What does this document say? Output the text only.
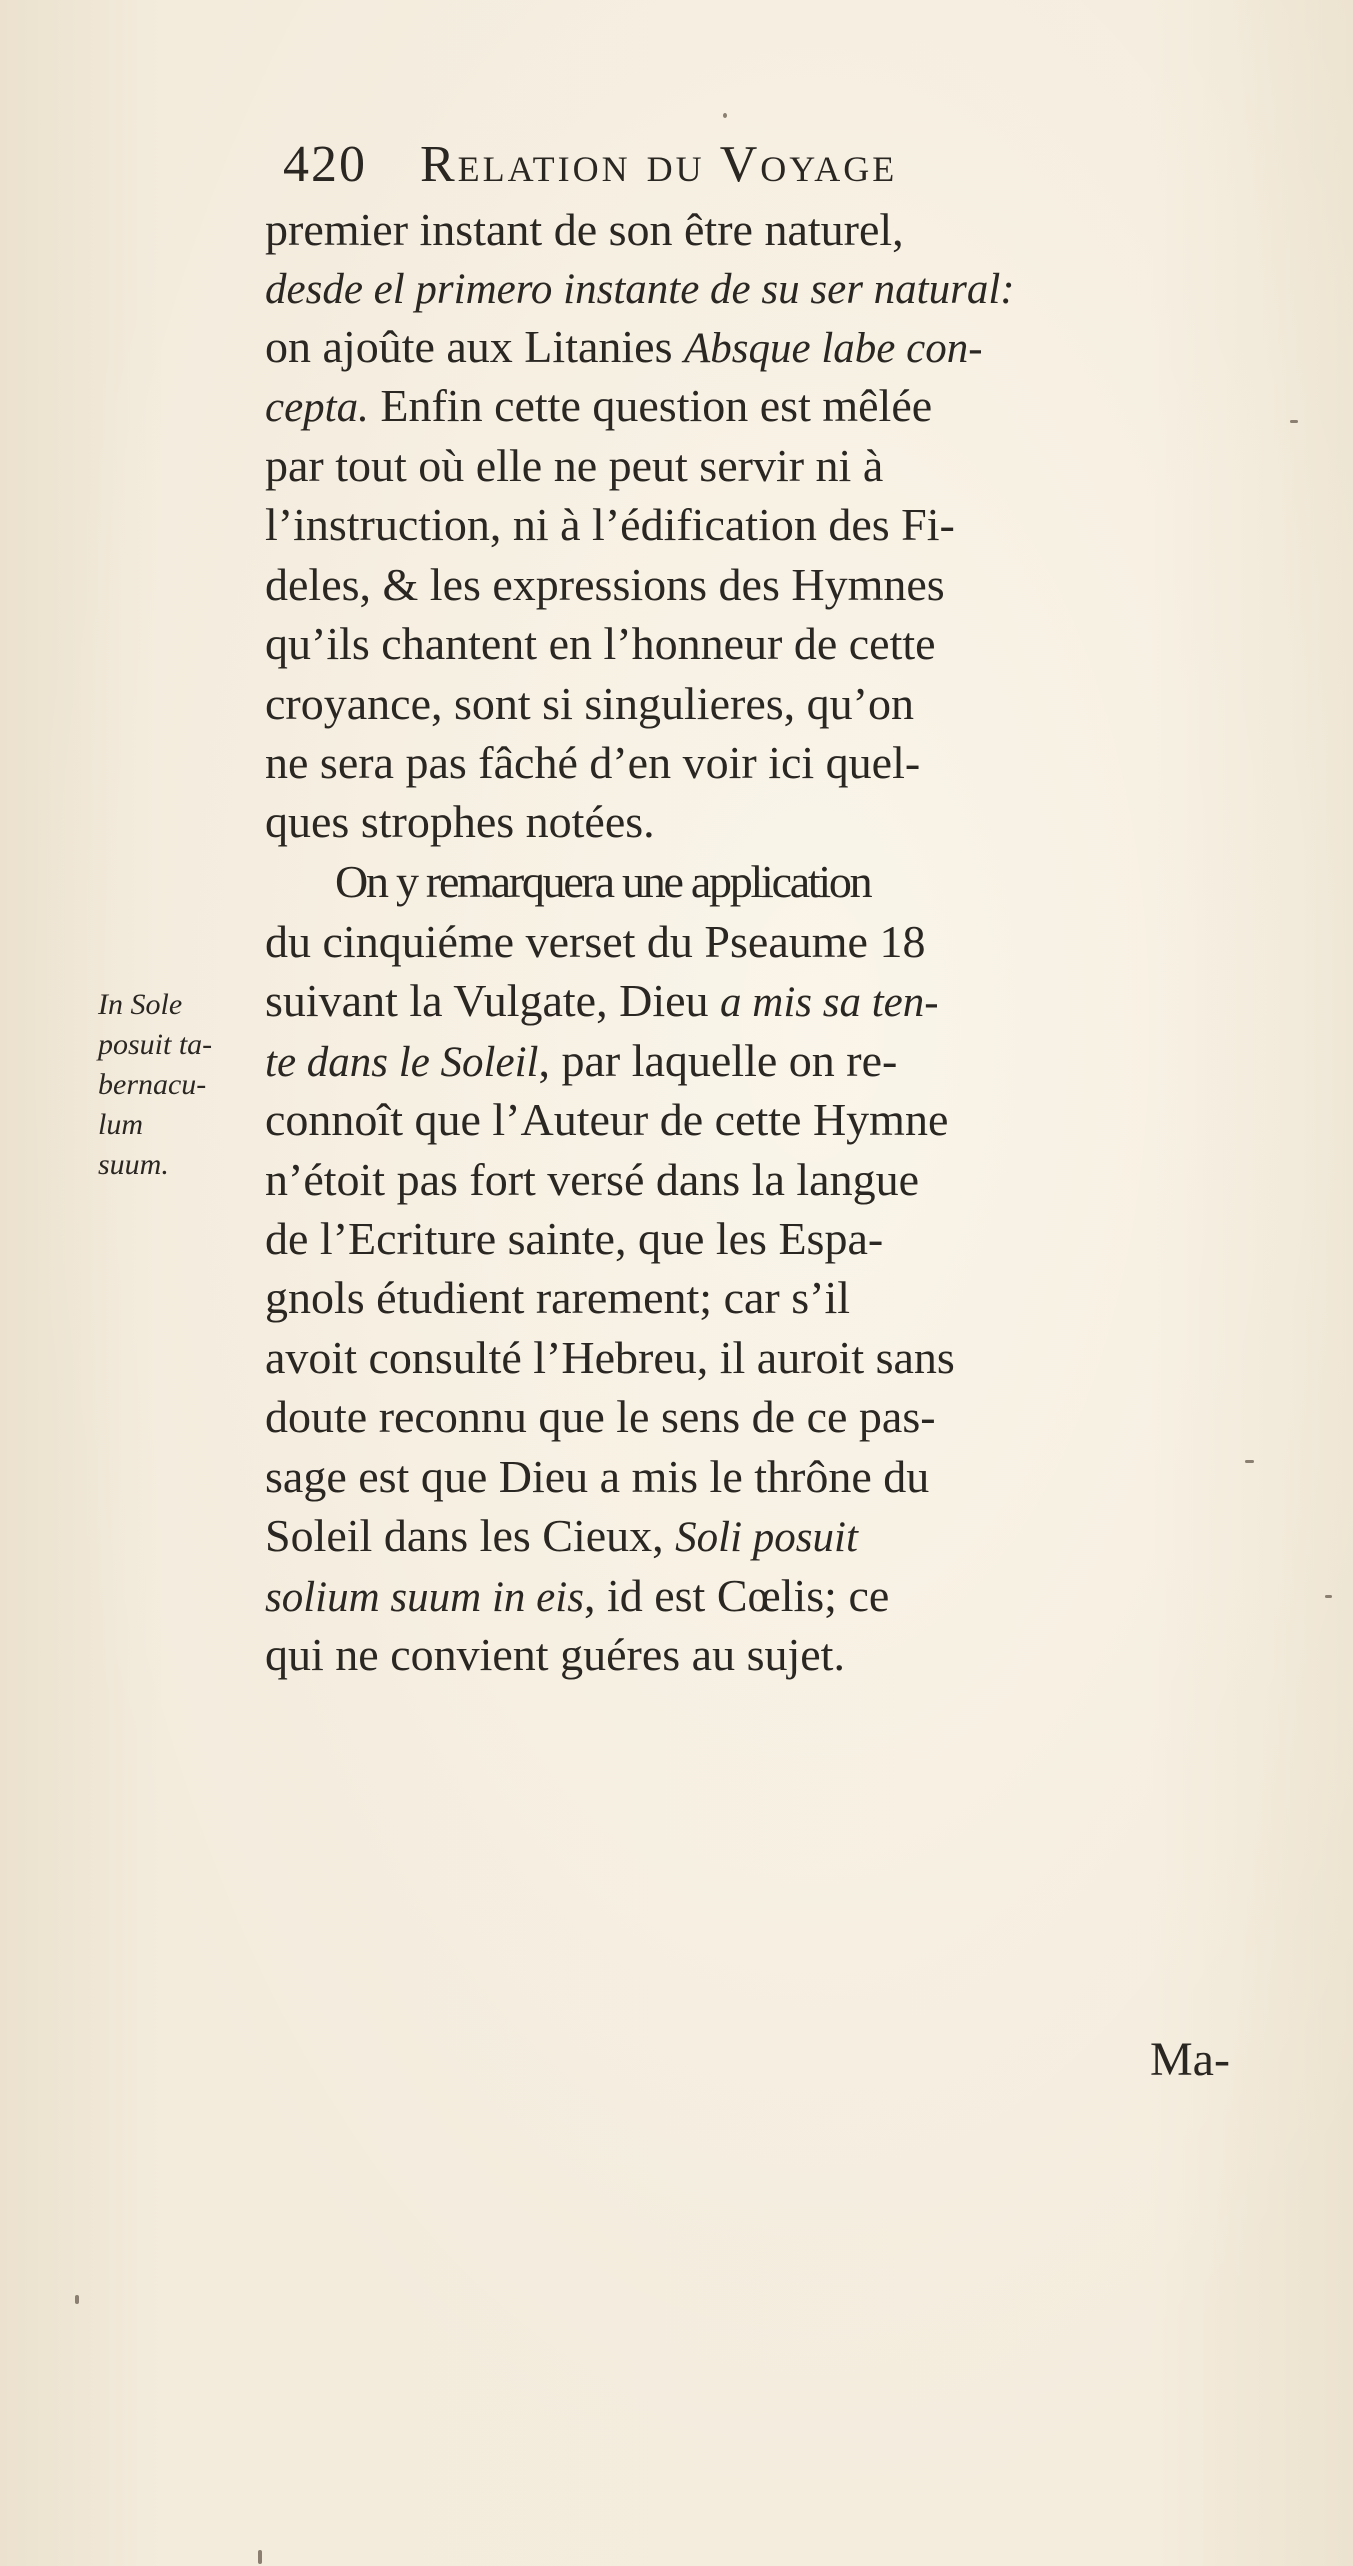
420 Relation du Voyage
premier instant de son être naturel,
desde el primero instante de su ser natural:
on ajoûte aux Litanies Absque labe con-
cepta. Enfin cette question est mêlée
par tout où elle ne peut servir ni à
l’instruction, ni à l’édification des Fi-
deles, & les expressions des Hymnes
qu’ils chantent en l’honneur de cette
croyance, sont si singulieres, qu’on
ne sera pas fâché d’en voir ici quel-
ques strophes notées.
On y remarquera une application
du cinquiéme verset du Pseaume 18
suivant la Vulgate, Dieu a mis sa ten-
te dans le Soleil, par laquelle on re-
connoît que l’Auteur de cette Hymne
n’étoit pas fort versé dans la langue
de l’Ecriture sainte, que les Espa-
gnols étudient rarement; car s’il
avoit consulté l’Hebreu, il auroit sans
doute reconnu que le sens de ce pas-
sage est que Dieu a mis le thrône du
Soleil dans les Cieux, Soli posuit
solium suum in eis, id est Cœlis; ce
qui ne convient guéres au sujet.
In Sole
posuit ta-
bernacu-
lum
suum.
Ma-
